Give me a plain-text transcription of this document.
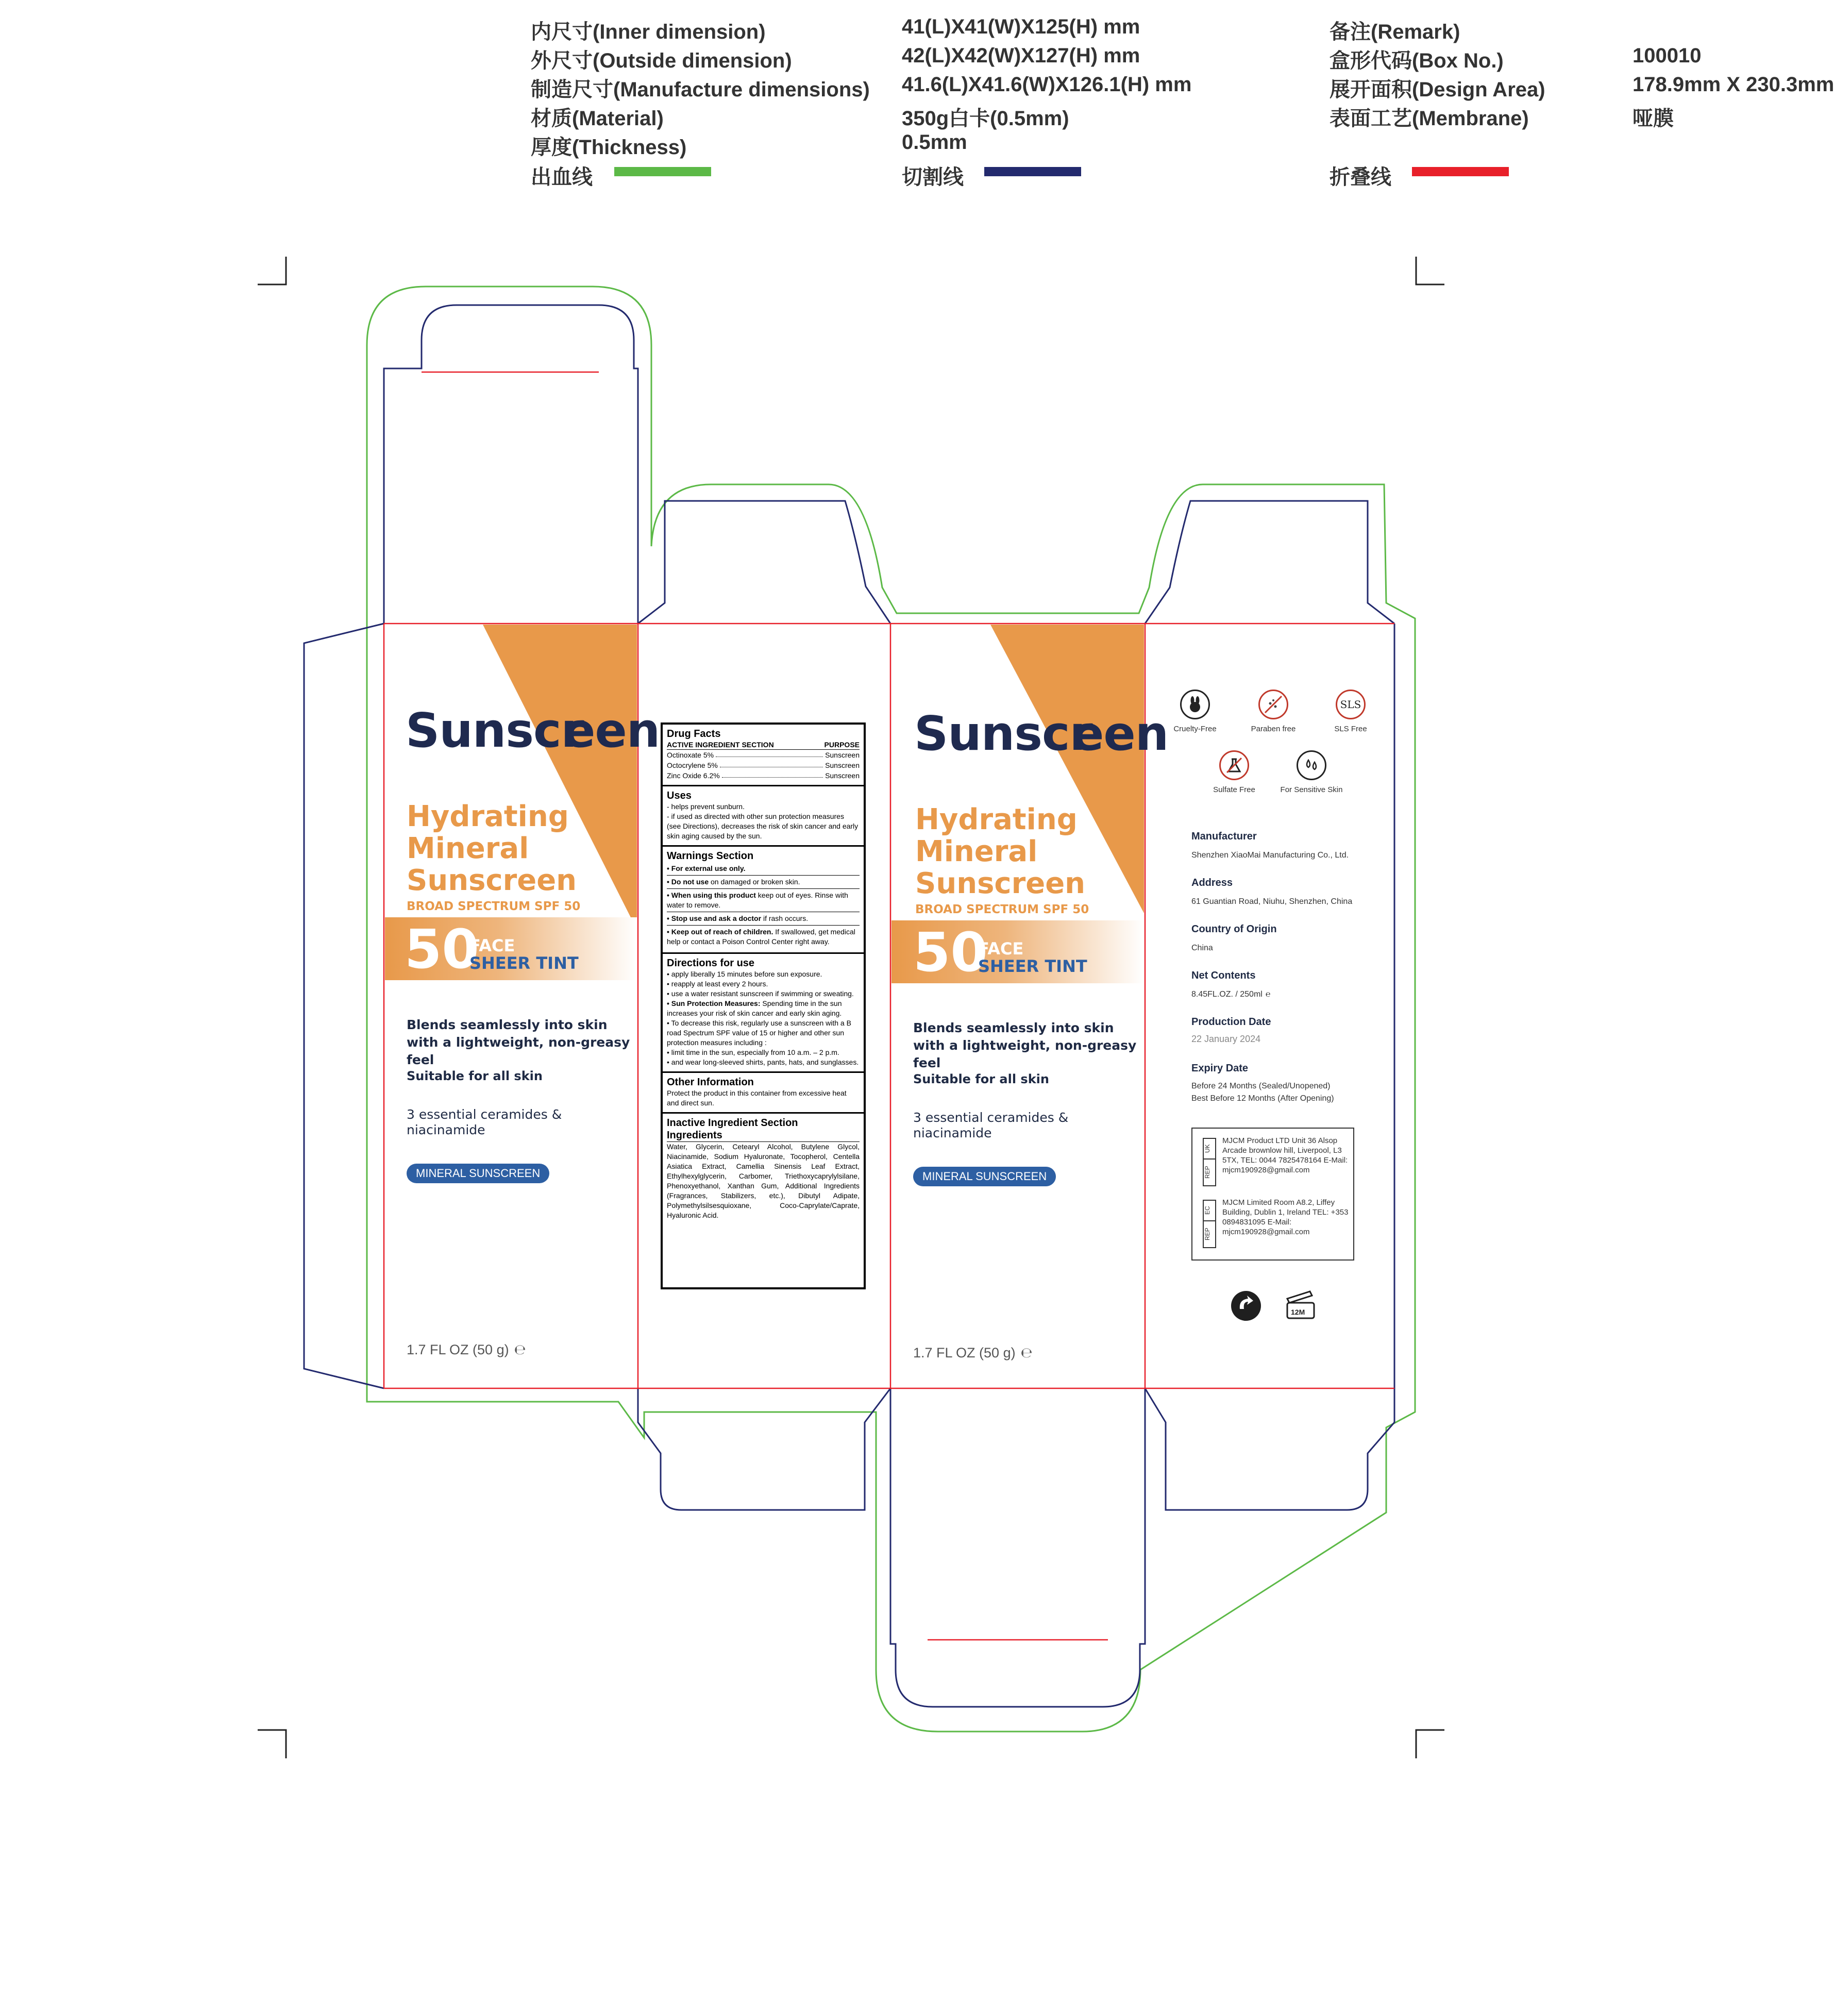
内尺寸(Inner dimension)	41(L)X41(W)X125(H) mm
外尺寸(Outside dimension)	42(L)X42(W)X127(H) mm
制造尺寸(Manufacture dimensions) 41.6(L)X41.6(W)X126.1(H) mm
材质(Material)	350g白卡(0.5mm)
厚度(Thickness)	0.5mm
备注(Remark)
盒形代码(Box No.)	100010
展开面积(Design Area)	178.9mm X 230.3mm
表面工艺(Membrane)	哑膜
出血线	切割线	折叠线
Sunscr
een
Hydrating
Mineral
Sunscreen
BROAD SPECTRUM SPF 50
50
FACE
SHEER TINT
Blends seamlessly into skin with a lightweight, non-greasy feel
Suitable for all skin
3 essential ceramides & niacinamide
MINERAL SUNSCREEN
1.7 FL OZ (50 g) ℮
Drug Facts
ACTIVE INGREDIENT SECTION	PURPOSE
Octinoxate 5%	Sunscreen
Octocrylene 5%	Sunscreen
Zinc Oxide 6.2%	Sunscreen
Uses
- helps prevent sunburn.
- if used as directed with other sun protection measures (see Directions), decreases the risk of skin cancer and early skin aging caused by the sun.
Warnings Section
• For external use only.
• Do not use on damaged or broken skin.
• When using this product keep out of eyes. Rinse with water to remove.
• Stop use and ask a doctor if rash occurs.
• Keep out of reach of children. If swallowed, get medical help or contact a Poison Control Center right away.
Directions for use
• apply liberally 15 minutes before sun exposure.
• reapply at least every 2 hours.
• use a water resistant sunscreen if swimming or sweating.
• Sun Protection Measures: Spending time in the sun increases your risk of skin cancer and early skin aging.
• To decrease this risk, regularly use a sunscreen with a B road Spectrum SPF value of 15 or higher and other sun protection measures including :
• limit time in the sun, especially from 10 a.m. – 2 p.m.
• and wear long-sleeved shirts, pants, hats, and sunglasses.
Other Information
Protect the product in this container from excessive heat and direct sun.
Inactive Ingredient Section
Ingredients
Water, Glycerin, Cetearyl Alcohol, Butylene Glycol, Niacinamide, Sodium Hyaluronate, Tocopherol, Centella Asiatica Extract, Camellia Sinensis Leaf Extract, Ethylhexylglycerin, Carbomer, Triethoxycaprylylsilane, Phenoxyethanol, Xanthan Gum, Additional Ingredients (Fragrances, Stabilizers, etc.), Dibutyl Adipate, Polymethylsilsesquioxane, Coco-Caprylate/Caprate, Hyaluronic Acid.
Sunscr
een
Hydrating
Mineral
Sunscreen
BROAD SPECTRUM SPF 50
50
FACE
SHEER TINT
Blends seamlessly into skin with a lightweight, non-greasy feel
Suitable for all skin
3 essential ceramides & niacinamide
MINERAL SUNSCREEN
1.7 FL OZ (50 g) ℮
Cruelty-Free	Paraben free
SLS
SLS Free
Sulfate Free	For Sensitive Skin
Manufacturer
Shenzhen XiaoMai Manufacturing Co., Ltd.
Address
61 Guantian Road, Niuhu, Shenzhen, China
Country of Origin
China
Net Contents
8.45FL.OZ. / 250ml ℮
Production Date
22 January 2024
Expiry Date
Before 24 Months (Sealed/Unopened)
Best Before 12 Months (After Opening)
UK
REP
MJCM Product LTD Unit 36 Alsop Arcade brownlow hill, Liverpool, L3 5TX, TEL: 0044 7825478164 E-Mail: mjcm190928@gmail.com
EC
REP
MJCM Limited Room A8.2, Liffey Building, Dublin 1, Ireland TEL: +353 0894831095 E-Mail: mjcm190928@gmail.com
12M
